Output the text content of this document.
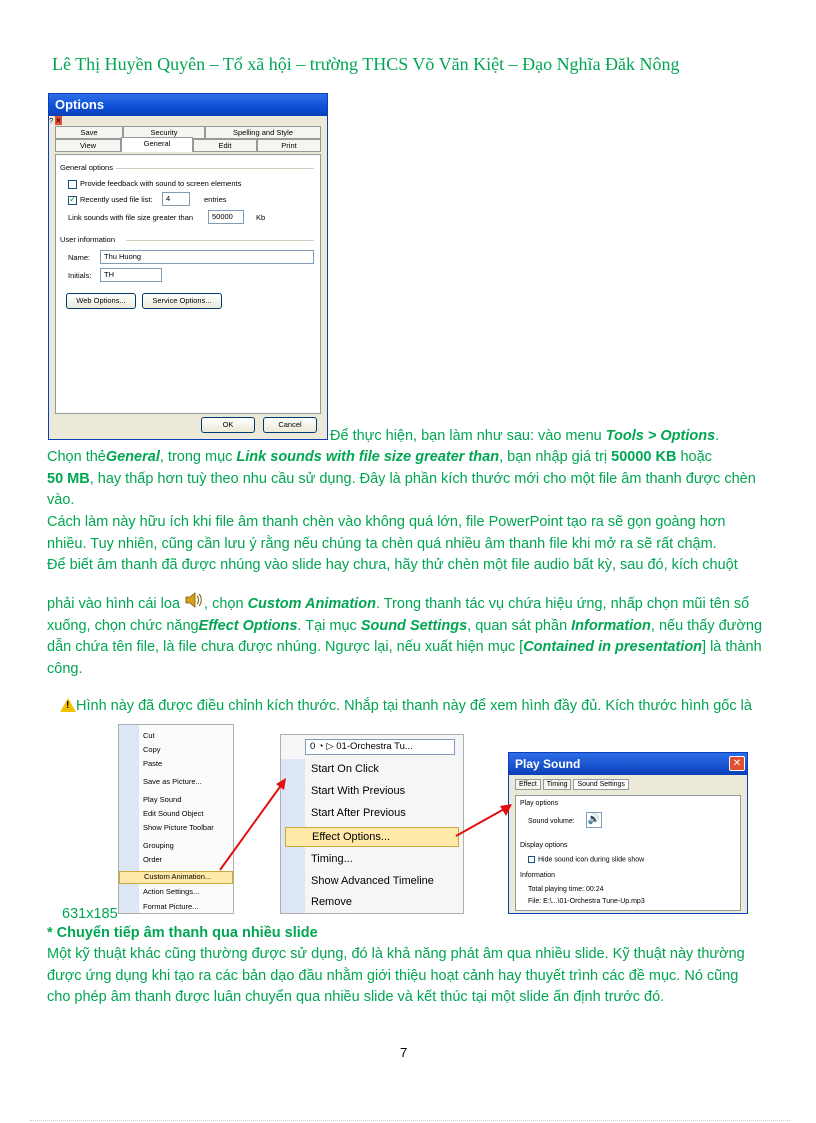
Lê Thị Huyền Quyên – Tổ xã hội – trường THCS Võ Văn Kiệt – Đạo Nghĩa Đăk Nông
Options
? ✕
Save	Security	Spelling and Style
View	General	Edit	Print
General options
Provide feedback with sound to screen elements
✓Recently used file list:	4	entries
Link sounds with file size greater than	50000	Kb
User information
Name:	Thu Huong
Initials:	TH
Web Options...	Service Options...
OK	Cancel
Để thực hiện, bạn làm như sau: vào menu Tools > Options.
Chọn thẻGeneral, trong mục Link sounds with file size greater than, bạn nhập giá trị 50000 KB hoặc
50 MB, hay thấp hơn tuỳ theo nhu cầu sử dụng. Đây là phần kích thước mới cho một file âm thanh được chèn vào.
Cách làm này hữu ích khi file âm thanh chèn vào không quá lớn, file PowerPoint tạo ra sẽ gọn goàng hơn nhiều. Tuy nhiên, cũng cần lưu ý rằng nếu chúng ta chèn quá nhiều âm thanh file khi mở ra sẽ rất chậm.
Để biết âm thanh đã được nhúng vào slide hay chưa, hãy thử chèn một file audio bất kỳ, sau đó, kích chuột
phải vào hình cái loa , chọn Custom Animation. Trong thanh tác vụ chứa hiệu ứng, nhấp chọn mũi tên sổ xuống, chọn chức năngEffect Options. Tại mục Sound Settings, quan sát phần Information, nếu thấy đường dẫn chứa tên file, là file chưa được nhúng. Ngược lại, nếu xuất hiện mục [Contained in presentation] là thành công.
!Hình này đã được điều chỉnh kích thước. Nhắp tại thanh này để xem hình đầy đủ. Kích thước hình gốc là
Cut
Copy
Paste
Save as Picture...
Play Sound
Edit Sound Object
Show Picture Toolbar
Grouping
Order
Custom Animation...
Action Settings...
Format Picture...
0 ◔ ▷ 01-Orchestra Tu...
Start On Click
Start With Previous
Start After Previous
Effect Options...
Timing...
Show Advanced Timeline
Remove
Play Sound	✕
Effect Timing Sound Settings
Play options
Sound volume: 🔊
Display options
Hide sound icon during slide show
Information
Total playing time: 00:24
File: E:\...\01-Orchestra Tune-Up.mp3
631x185
* Chuyển tiếp âm thanh qua nhiều slide
Một kỹ thuật khác cũng thường được sử dụng, đó là khả năng phát âm qua nhiều slide. Kỹ thuật này thường được ứng dụng khi tạo ra các bản dạo đầu nhằm giới thiệu hoạt cảnh hay thuyết trình các đề mục. Nó cũng cho phép âm thanh được luân chuyển qua nhiều slide và kết thúc tại một slide ấn định trước đó.
7
